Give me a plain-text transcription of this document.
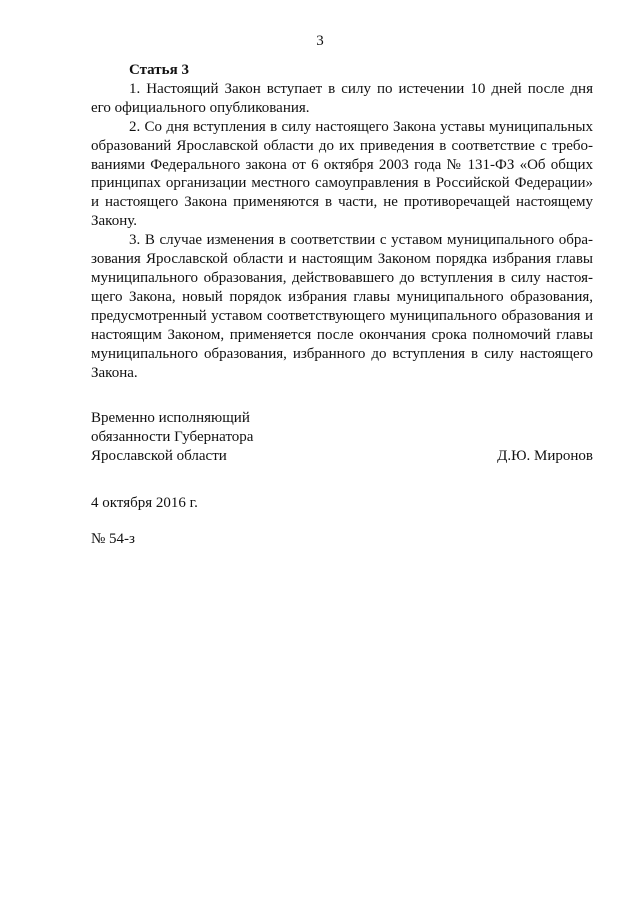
3
Статья 3
1. Настоящий Закон вступает в силу по истечении 10 дней после дня
его официального опубликования.
2. Со дня вступления в силу настоящего Закона уставы муниципальных
образований Ярославской области до их приведения в соответствие с требо-
ваниями Федерального закона от 6 октября 2003 года № 131-ФЗ «Об общих
принципах организации местного самоуправления в Российской Федерации»
и настоящего Закона применяются в части, не противоречащей настоящему
Закону.
3. В случае изменения в соответствии с уставом муниципального обра-
зования Ярославской области и настоящим Законом порядка избрания главы
муниципального образования, действовавшего до вступления в силу настоя-
щего Закона, новый порядок избрания главы муниципального образования,
предусмотренный уставом соответствующего муниципального образования и
настоящим Законом, применяется после окончания срока полномочий главы
муниципального образования, избранного до вступления в силу настоящего
Закона.
Временно исполняющий
обязанности Губернатора
Ярославской области	Д.Ю. Миронов
4 октября 2016 г.
№ 54-з
